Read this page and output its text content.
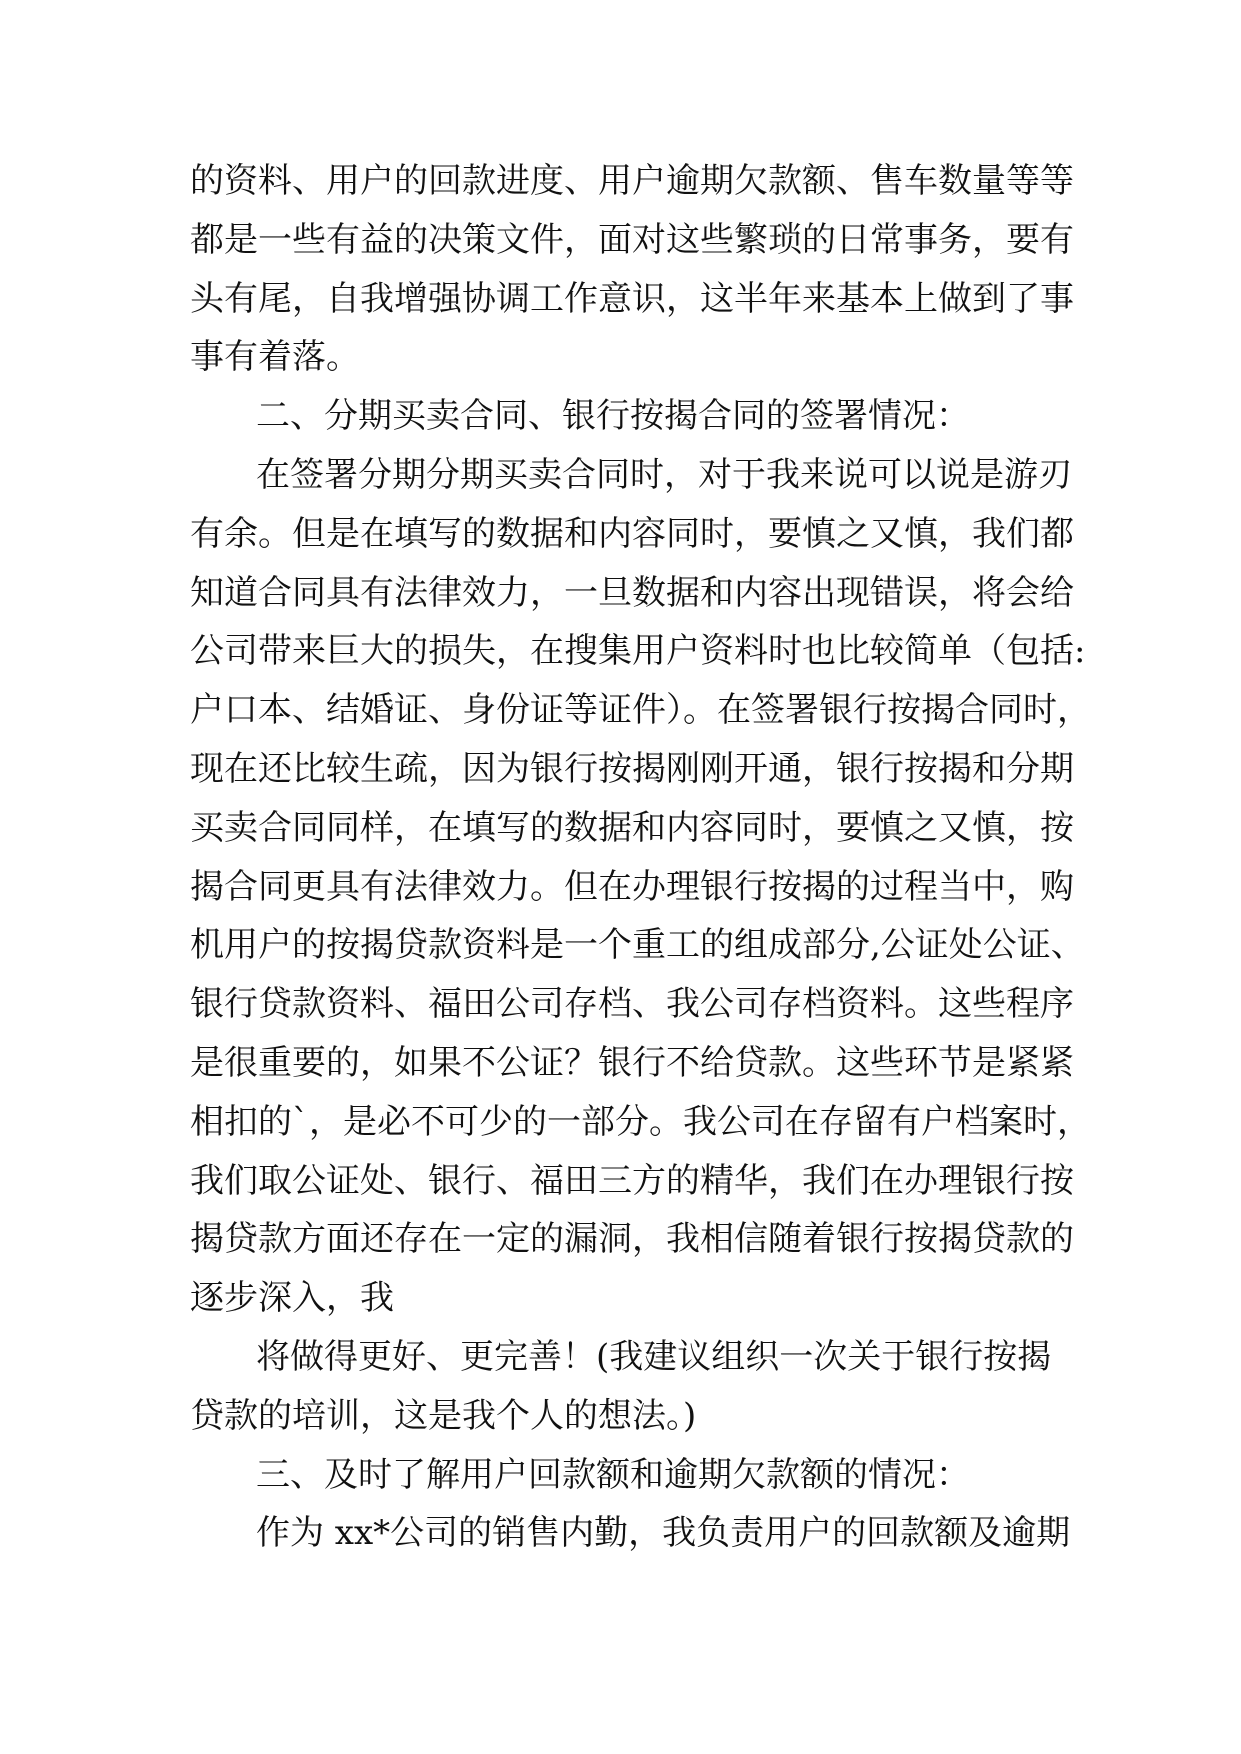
的资料、用户的回款进度、用户逾期欠款额、售车数量等等
都是一些有益的决策文件，面对这些繁琐的日常事务，要有
头有尾，自我增强协调工作意识，这半年来基本上做到了事
事有着落。
二、分期买卖合同、银行按揭合同的签署情况：
在签署分期分期买卖合同时，对于我来说可以说是游刃
有余。但是在填写的数据和内容同时，要慎之又慎，我们都
知道合同具有法律效力，一旦数据和内容出现错误，将会给
公司带来巨大的损失，在搜集用户资料时也比较简单（包括:
户口本、结婚证、身份证等证件）。在签署银行按揭合同时，
现在还比较生疏，因为银行按揭刚刚开通，银行按揭和分期
买卖合同同样，在填写的数据和内容同时，要慎之又慎，按
揭合同更具有法律效力。但在办理银行按揭的过程当中，购
机用户的按揭贷款资料是一个重工的组成部分,公证处公证、
银行贷款资料、福田公司存档、我公司存档资料。这些程序
是很重要的，如果不公证？银行不给贷款。这些环节是紧紧
相扣的`，是必不可少的一部分。我公司在存留有户档案时，
我们取公证处、银行、福田三方的精华，我们在办理银行按
揭贷款方面还存在一定的漏洞，我相信随着银行按揭贷款的
逐步深入，我
将做得更好、更完善！(我建议组织一次关于银行按揭
贷款的培训，这是我个人的想法。)
三、及时了解用户回款额和逾期欠款额的情况：
作为 xx*公司的销售内勤，我负责用户的回款额及逾期
